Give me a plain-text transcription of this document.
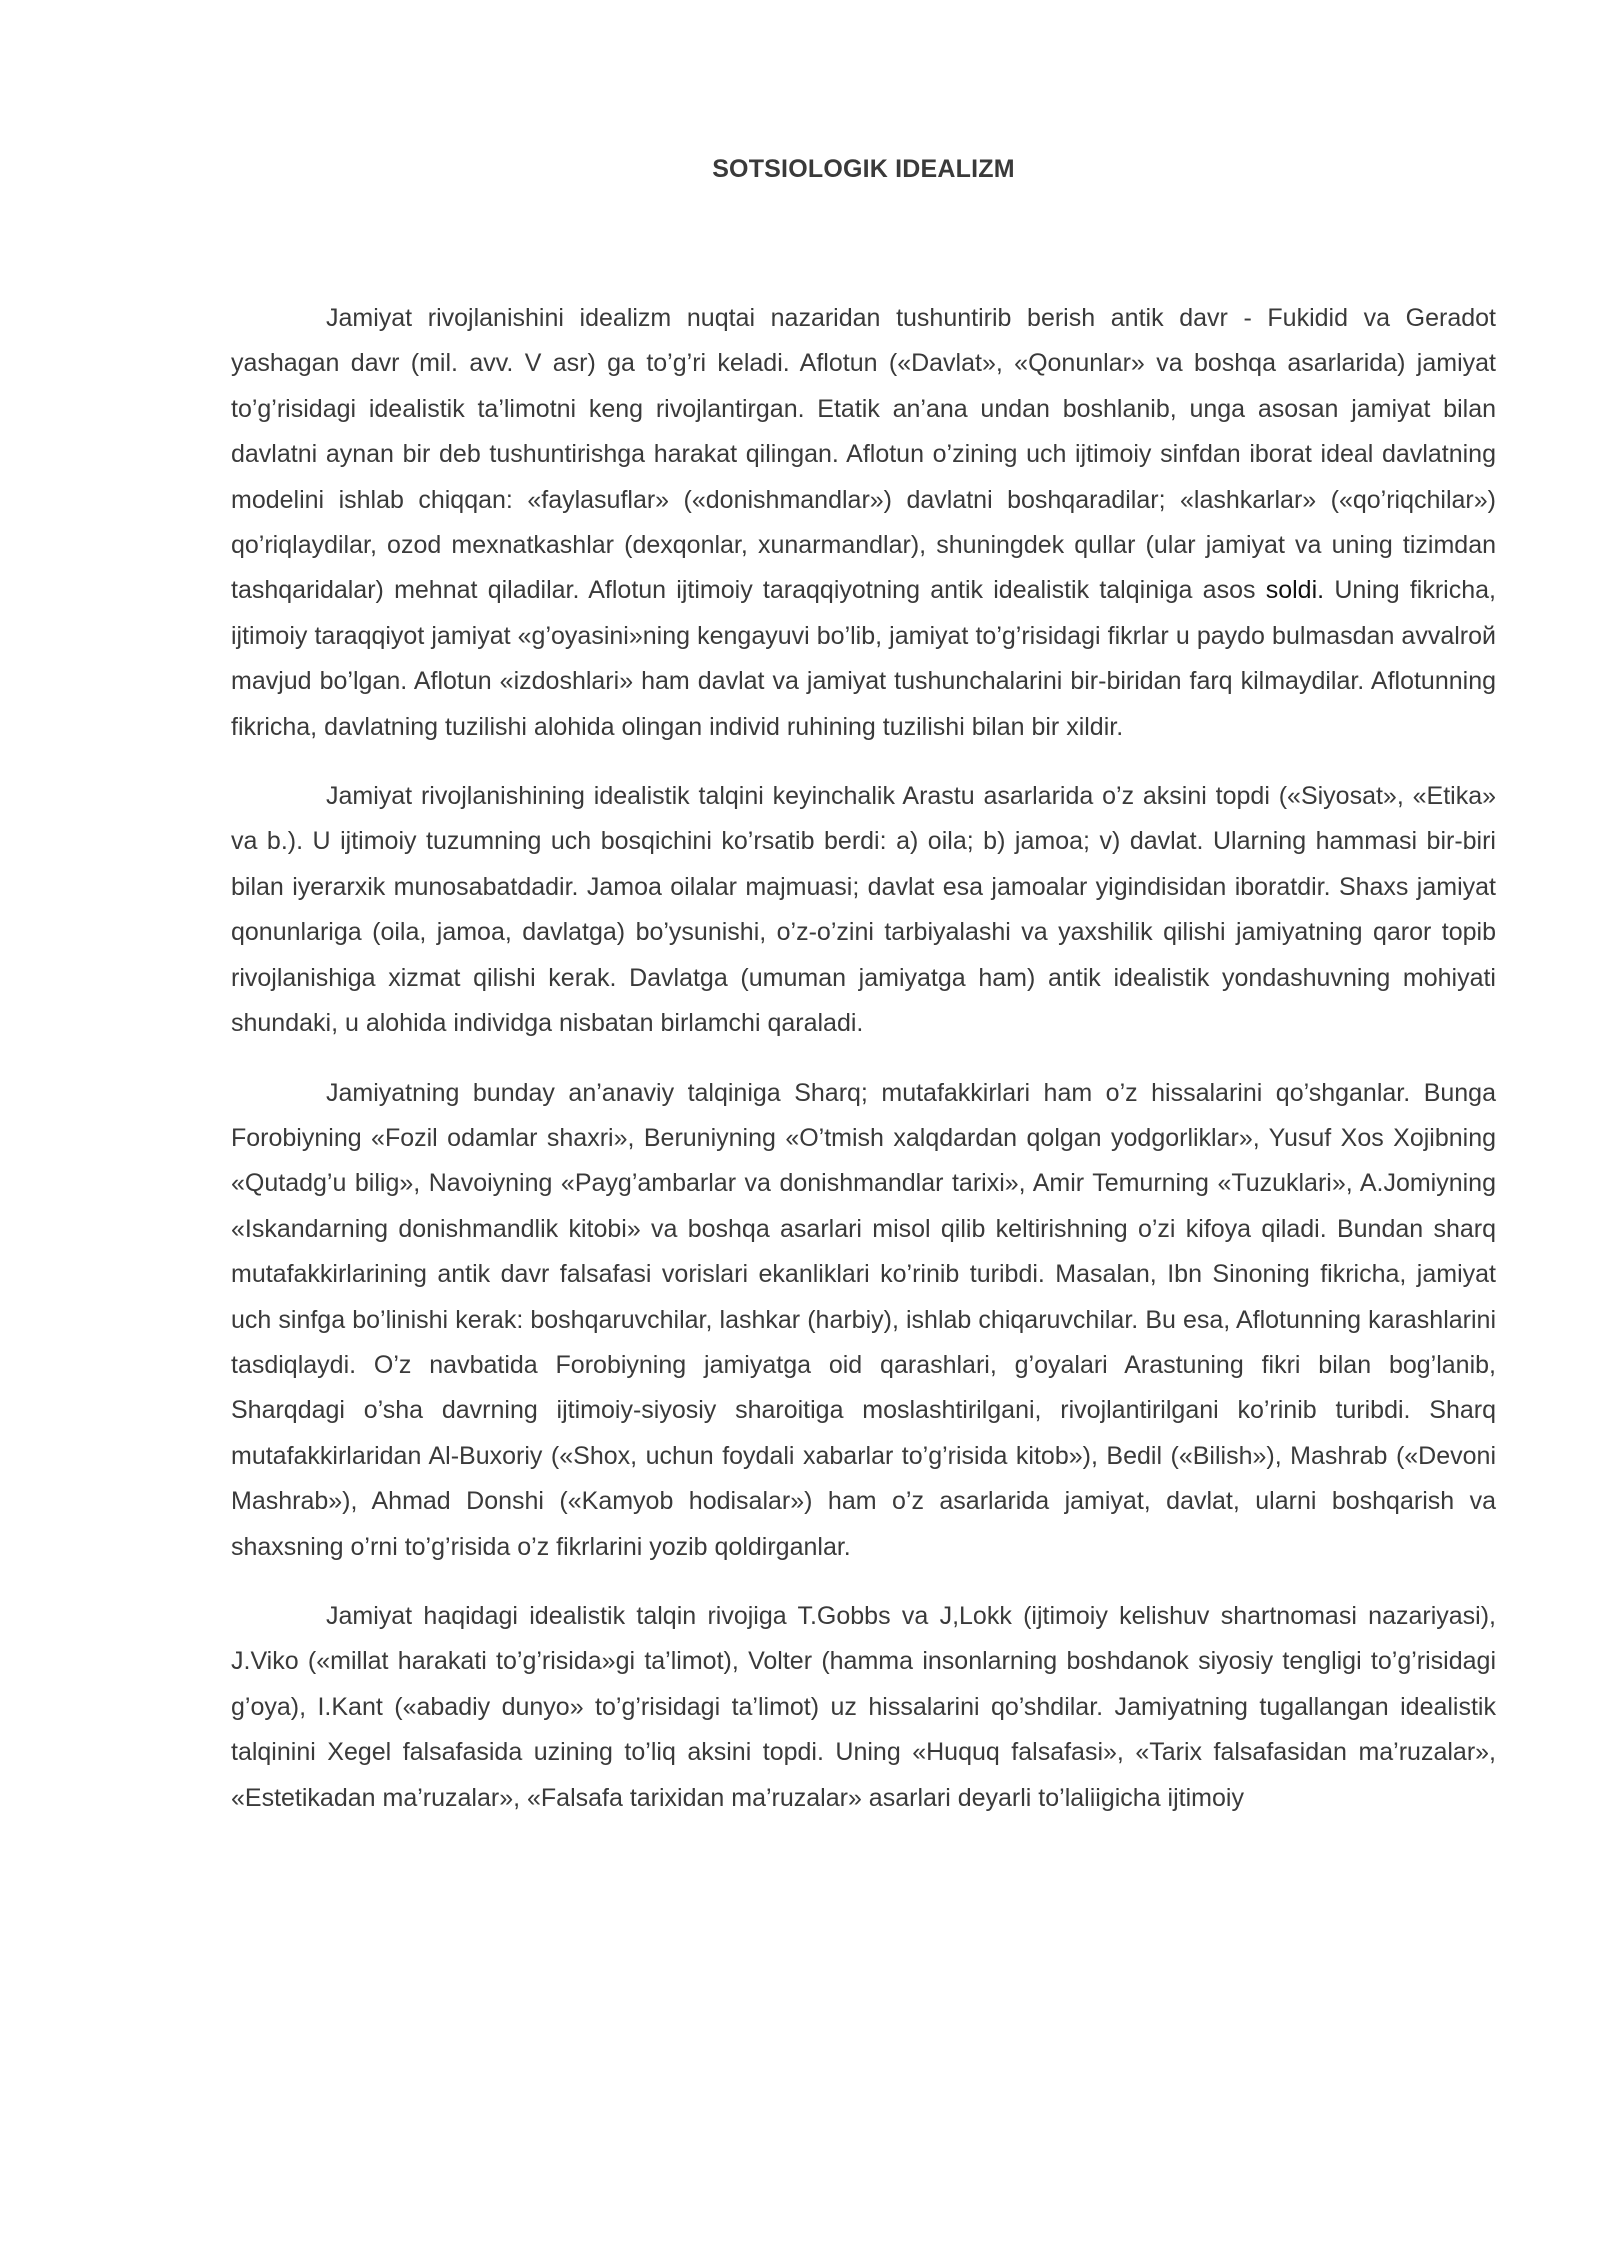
SOTSIOLOGIK IDEALIZM

Jamiyat rivojlanishini idealizm nuqtai nazaridan tushuntirib berish antik davr - Fukidid va Geradot yashagan davr (mil. avv. V asr) ga to’g’ri keladi. Aflotun («Davlat», «Qonunlar» va boshqa asarlarida) jamiyat to’g’risidagi idealistik ta’limotni keng rivojlantirgan. Etatik an’ana undan boshlanib, unga asosan jamiyat bilan davlatni aynan bir deb tushuntirishga harakat qilingan. Aflotun o’zining uch ijtimoiy sinfdan iborat ideal davlatning modelini ishlab chiqqan: «faylasuflar» («donishmandlar») davlatni boshqaradilar; «lashkarlar» («qo’riqchilar») qo’riqlaydilar, ozod mexnatkashlar (dexqonlar, xunarmandlar), shuningdek qullar (ular jamiyat va uning tizimdan tashqaridalar) mehnat qiladilar. Aflotun ijtimoiy taraqqiyotning antik idealistik talqiniga asos soldi. Uning fikricha, ijtimoiy taraqqiyot jamiyat «g’oyasini»ning kengayuvi bo’lib, jamiyat to’g’risidagi fikrlar u paydo bulmasdan avvalroй mavjud bo’lgan. Aflotun «izdoshlari» ham davlat va jamiyat tushunchalarini bir-biridan farq kilmaydilar. Aflotunning fikricha, davlatning tuzilishi alohida olingan individ ruhining tuzilishi bilan bir xildir.

Jamiyat rivojlanishining idealistik talqini keyinchalik Arastu asarlarida o’z aksini topdi («Siyosat», «Etika» va b.). U ijtimoiy tuzumning uch bosqichini ko’rsatib berdi: a) oila; b) jamoa; v) davlat. Ularning hammasi bir-biri bilan iyerarxik munosabatdadir. Jamoa oilalar majmuasi; davlat esa jamoalar yigindisidan iboratdir. Shaxs jamiyat qonunlariga (oila, jamoa, davlatga) bo’ysunishi, o’z-o’zini tarbiyalashi va yaxshilik qilishi jamiyatning qaror topib rivojlanishiga xizmat qilishi kerak. Davlatga (umuman jamiyatga ham) antik idealistik yondashuvning mohiyati shundaki, u alohida individga nisbatan birlamchi qaraladi.

Jamiyatning bunday an’anaviy talqiniga Sharq; mutafakkirlari ham o’z hissalarini qo’shganlar. Bunga Forobiyning «Fozil odamlar shaxri», Beruniyning «O’tmish xalqdardan qolgan yodgorliklar», Yusuf Xos Xojibning «Qutadg’u bilig», Navoiyning «Payg’ambarlar va donishmandlar tarixi», Amir Temurning «Tuzuklari», A.Jomiyning «Iskandarning donishmandlik kitobi» va boshqa asarlari misol qilib keltirishning o’zi kifoya qiladi. Bundan sharq mutafakkirlarining antik davr falsafasi vorislari ekanliklari ko’rinib turibdi. Masalan, Ibn Sinoning fikricha, jamiyat uch sinfga bo’linishi kerak: boshqaruvchilar, lashkar (harbiy), ishlab chiqaruvchilar. Bu esa, Aflotunning karashlarini tasdiqlaydi. O’z navbatida Forobiyning jamiyatga oid qarashlari, g’oyalari Arastuning fikri bilan bog’lanib, Sharqdagi o’sha davrning ijtimoiy-siyosiy sharoitiga moslashtirilgani, rivojlantirilgani ko’rinib turibdi. Sharq mutafakkirlaridan Al-Buxoriy («Shox, uchun foydali xabarlar to’g’risida kitob»), Bedil («Bilish»), Mashrab («Devoni Mashrab»), Ahmad Donshi («Kamyob hodisalar») ham o’z asarlarida jamiyat, davlat, ularni boshqarish va shaxsning o’rni to’g’risida o’z fikrlarini yozib qoldirganlar.

Jamiyat haqidagi idealistik talqin rivojiga T.Gobbs va J,Lokk (ijtimoiy kelishuv shartnomasi nazariyasi), J.Viko («millat harakati to’g’risida»gi ta’limot), Volter (hamma insonlarning boshdanok siyosiy tengligi to’g’risidagi g’oya), I.Kant («abadiy dunyo» to’g’risidagi ta’limot) uz hissalarini qo’shdilar. Jamiyatning tugallangan idealistik talqinini Xegel falsafasida uzining to’liq aksini topdi. Uning «Huquq falsafasi», «Tarix falsafasidan ma’ruzalar», «Estetikadan ma’ruzalar», «Falsafa tarixidan ma’ruzalar» asarlari deyarli to’laliigicha ijtimoiy
